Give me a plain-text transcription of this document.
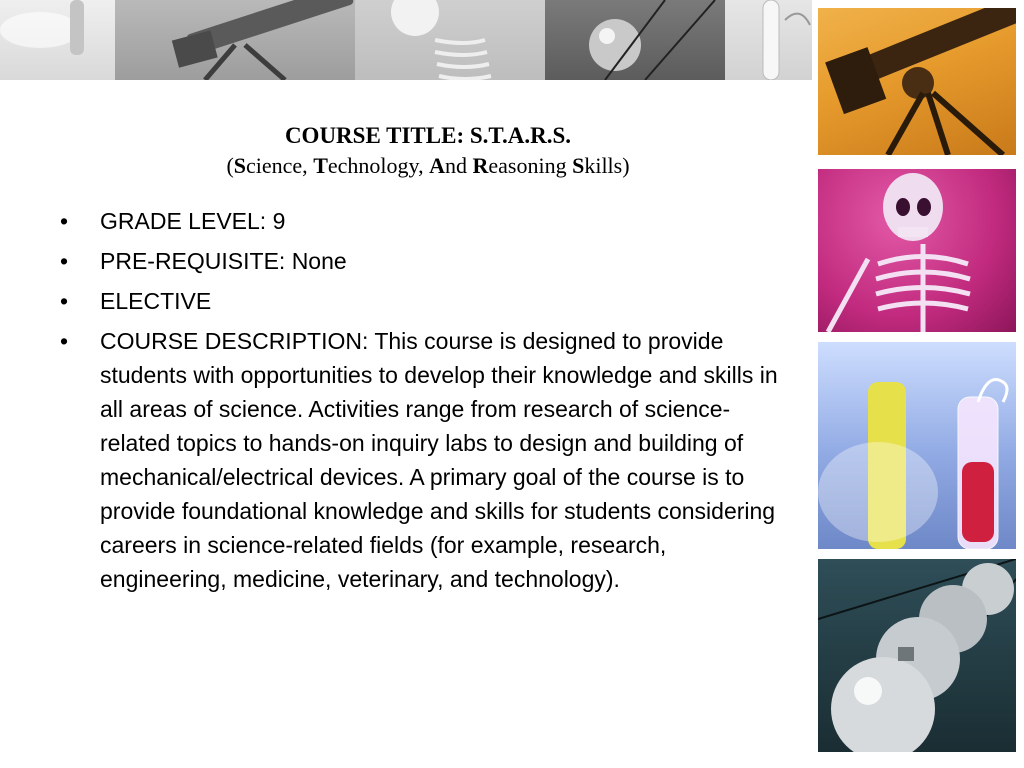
COURSE TITLE: S.T.A.R.S.
(Science, Technology, And Reasoning Skills)
• GRADE LEVEL: 9
• PRE-REQUISITE: None
• ELECTIVE
• COURSE DESCRIPTION: This course is designed to provide students with opportunities to develop their knowledge and skills in all areas of science. Activities range from research of science-related topics to hands-on inquiry labs to design and building of mechanical/electrical devices. A primary goal of the course is to provide foundational knowledge and skills for students considering careers in science-related fields (for example, research, engineering, medicine, veterinary, and technology).
